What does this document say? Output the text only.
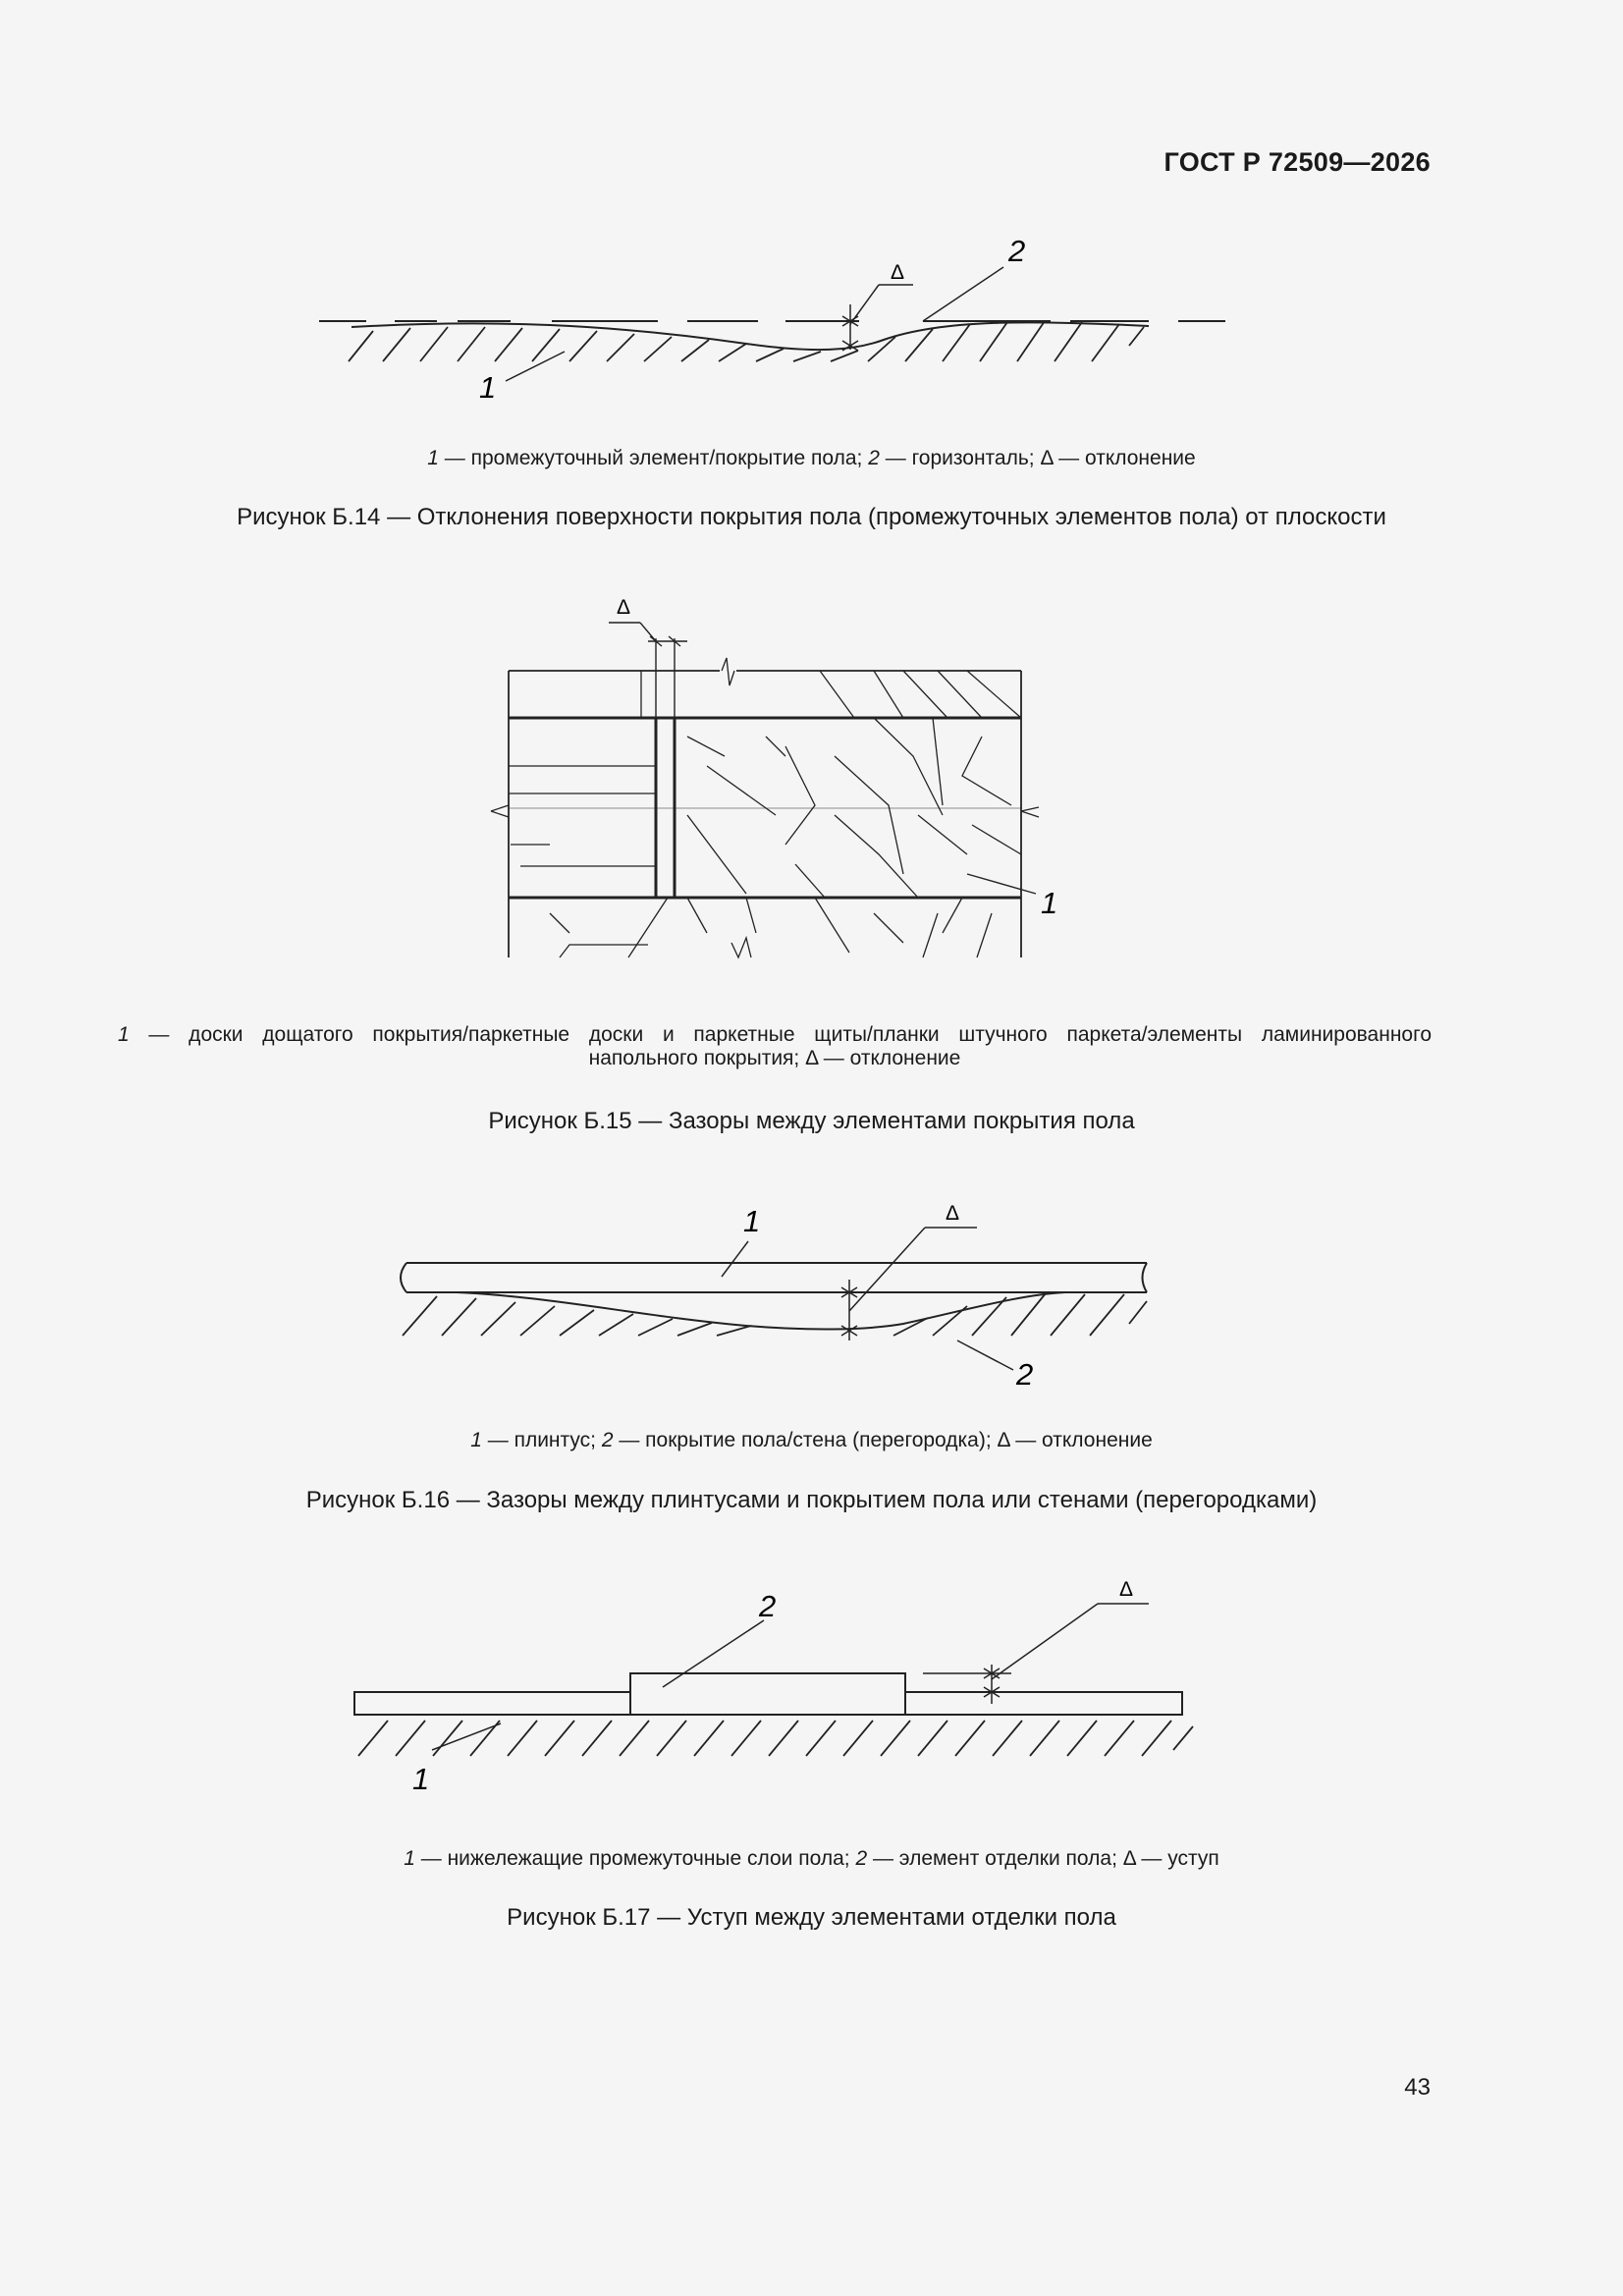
ГОСТ Р 72509—2026
Δ
2
1
1 — промежуточный элемент/покрытие пола; 2 — горизонталь; Δ — отклонение
Рисунок Б.14 — Отклонения поверхности покрытия пола (промежуточных элементов пола) от плоскости
Δ
1
1 — доски дощатого покрытия/паркетные доски и паркетные щиты/планки штучного паркета/элементы ламинированного
напольного покрытия; Δ — отклонение
Рисунок Б.15 — Зазоры между элементами покрытия пола
Δ
1
2
1 — плинтус; 2 — покрытие пола/стена (перегородка); Δ — отклонение
Рисунок Б.16 — Зазоры между плинтусами и покрытием пола или стенами (перегородками)
Δ
2
1
1 — нижележащие промежуточные слои пола; 2 — элемент отделки пола; Δ — уступ
Рисунок Б.17 — Уступ между элементами отделки пола
43
